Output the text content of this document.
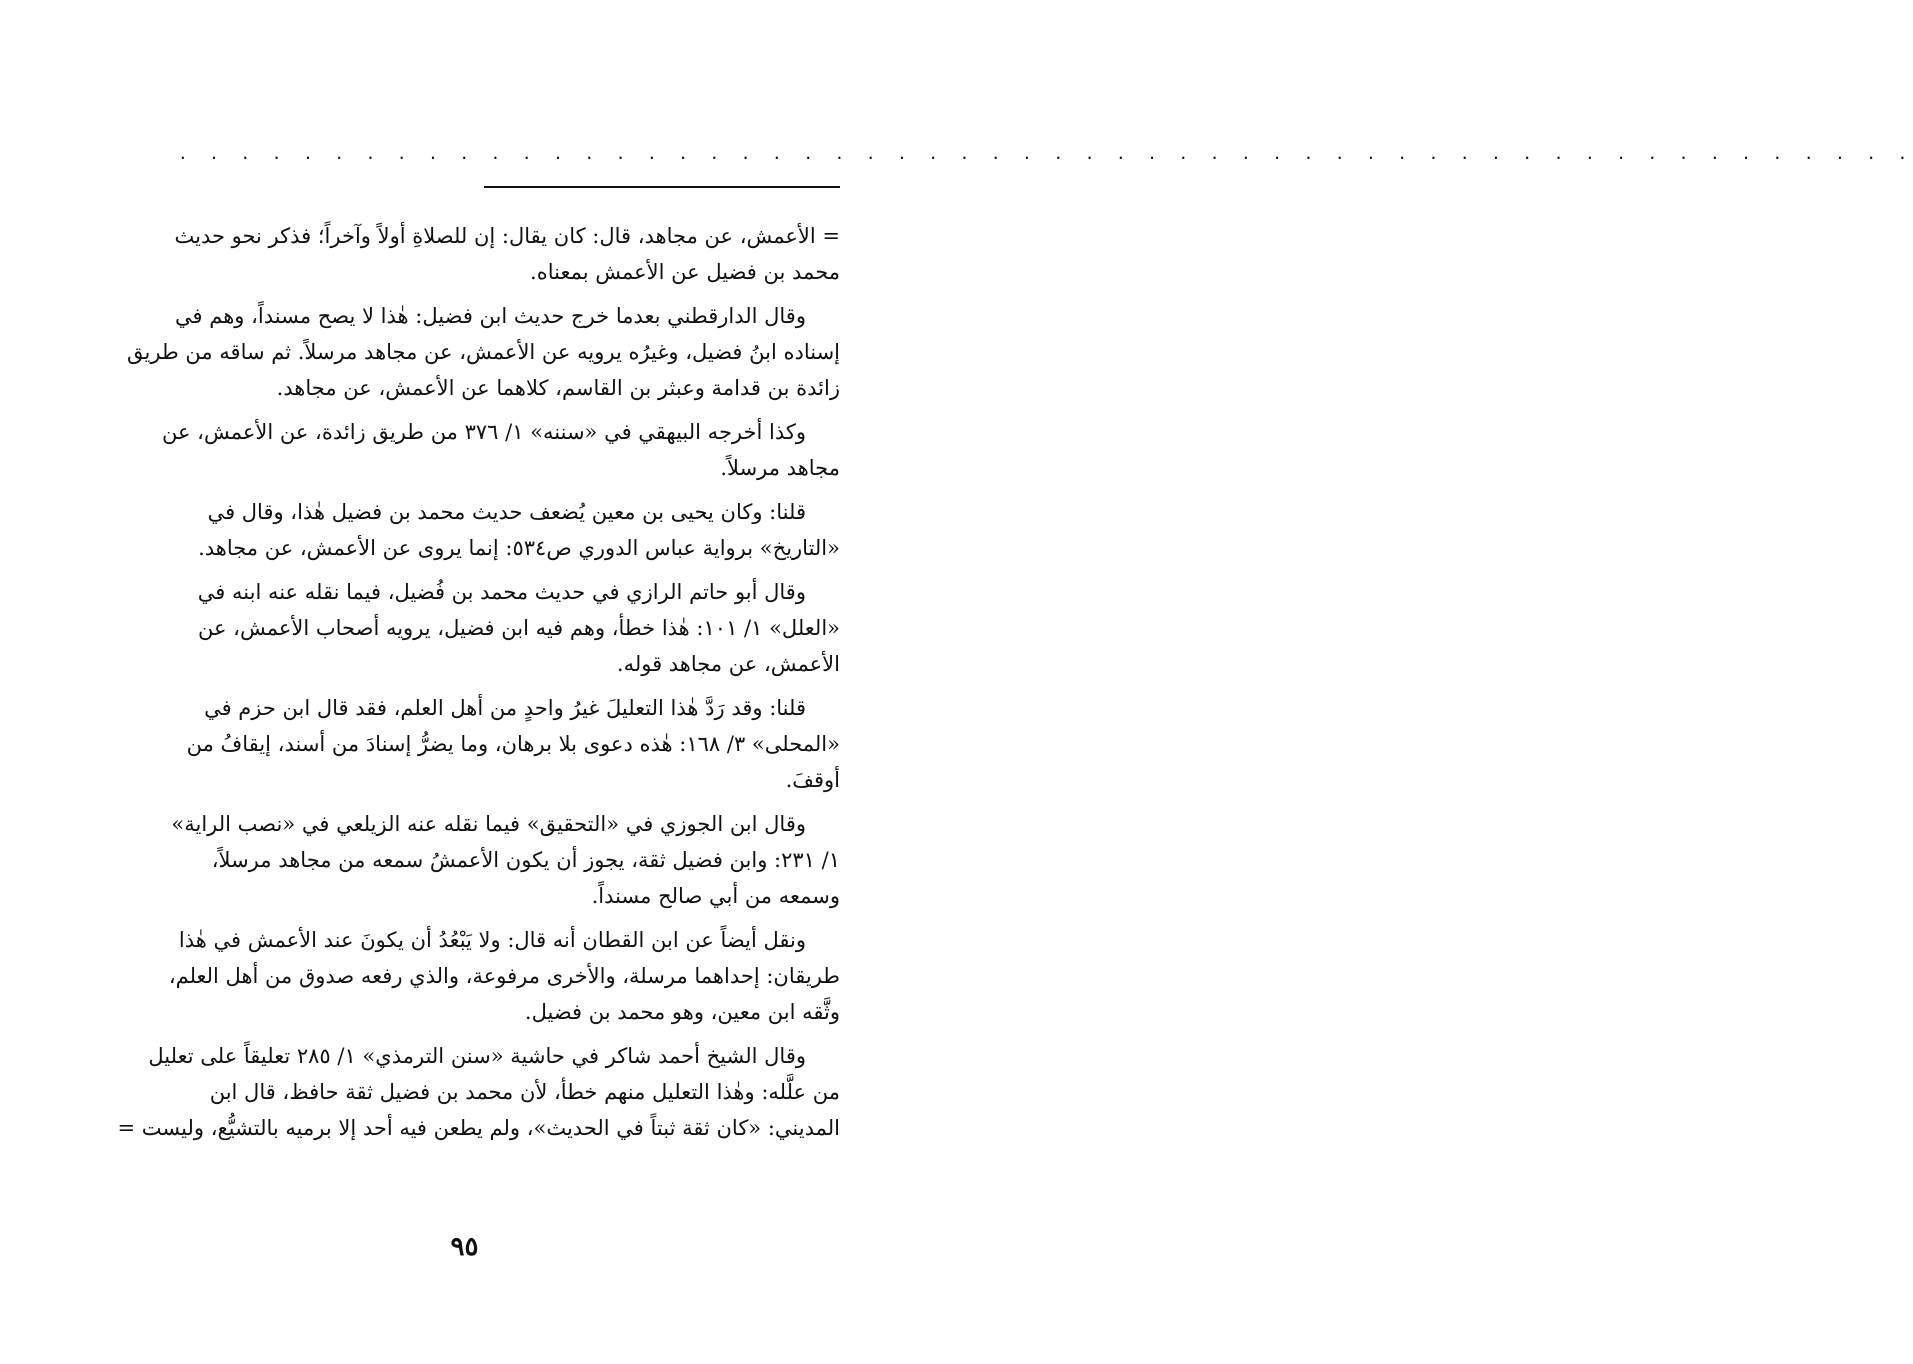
. . . . . . . . . . . . . . . . . . . . . . . . . . . . . . . . . . . . . . . . . . . . . . . . . . . . . . . .
= الأعمش، عن مجاهد، قال: كان يقال: إن للصلاةِ أولاً وآخراً؛ فذكر نحو حديث
محمد بن فضيل عن الأعمش بمعناه.
وقال الدارقطني بعدما خرج حديث ابن فضيل: هٰذا لا يصح مسنداً، وهم في
إسناده ابنُ فضيل، وغيرُه يرويه عن الأعمش، عن مجاهد مرسلاً. ثم ساقه من طريق
زائدة بن قدامة وعبثر بن القاسم، كلاهما عن الأعمش، عن مجاهد.
وكذا أخرجه البيهقي في «سننه» ١/ ٣٧٦ من طريق زائدة، عن الأعمش، عن
مجاهد مرسلاً.
قلنا: وكان يحيى بن معين يُضعف حديث محمد بن فضيل هٰذا، وقال في
«التاريخ» برواية عباس الدوري ص٥٣٤: إنما يروى عن الأعمش، عن مجاهد.
وقال أبو حاتم الرازي في حديث محمد بن فُضيل، فيما نقله عنه ابنه في
«العلل» ١/ ١٠١: هٰذا خطأ، وهم فيه ابن فضيل، يرويه أصحاب الأعمش، عن
الأعمش، عن مجاهد قوله.
قلنا: وقد رَدَّ هٰذا التعليلَ غيرُ واحدٍ من أهل العلم، فقد قال ابن حزم في
«المحلى» ٣/ ١٦٨: هٰذه دعوى بلا برهان، وما يضرُّ إسنادَ من أسند، إيقافُ من
أوقفَ.
وقال ابن الجوزي في «التحقيق» فيما نقله عنه الزيلعي في «نصب الراية»
١/ ٢٣١: وابن فضيل ثقة، يجوز أن يكون الأعمشُ سمعه من مجاهد مرسلاً،
وسمعه من أبي صالح مسنداً.
ونقل أيضاً عن ابن القطان أنه قال: ولا يَبْعُدُ أن يكونَ عند الأعمش في هٰذا
طريقان: إحداهما مرسلة، والأخرى مرفوعة، والذي رفعه صدوق من أهل العلم،
وثَّقه ابن معين، وهو محمد بن فضيل.
وقال الشيخ أحمد شاكر في حاشية «سنن الترمذي» ١/ ٢٨٥ تعليقاً على تعليل
من علَّله: وهٰذا التعليل منهم خطأ، لأن محمد بن فضيل ثقة حافظ، قال ابن
المديني: «كان ثقة ثبتاً في الحديث»، ولم يطعن فيه أحد إلا برميه بالتشيُّع، وليست =
٩٥
